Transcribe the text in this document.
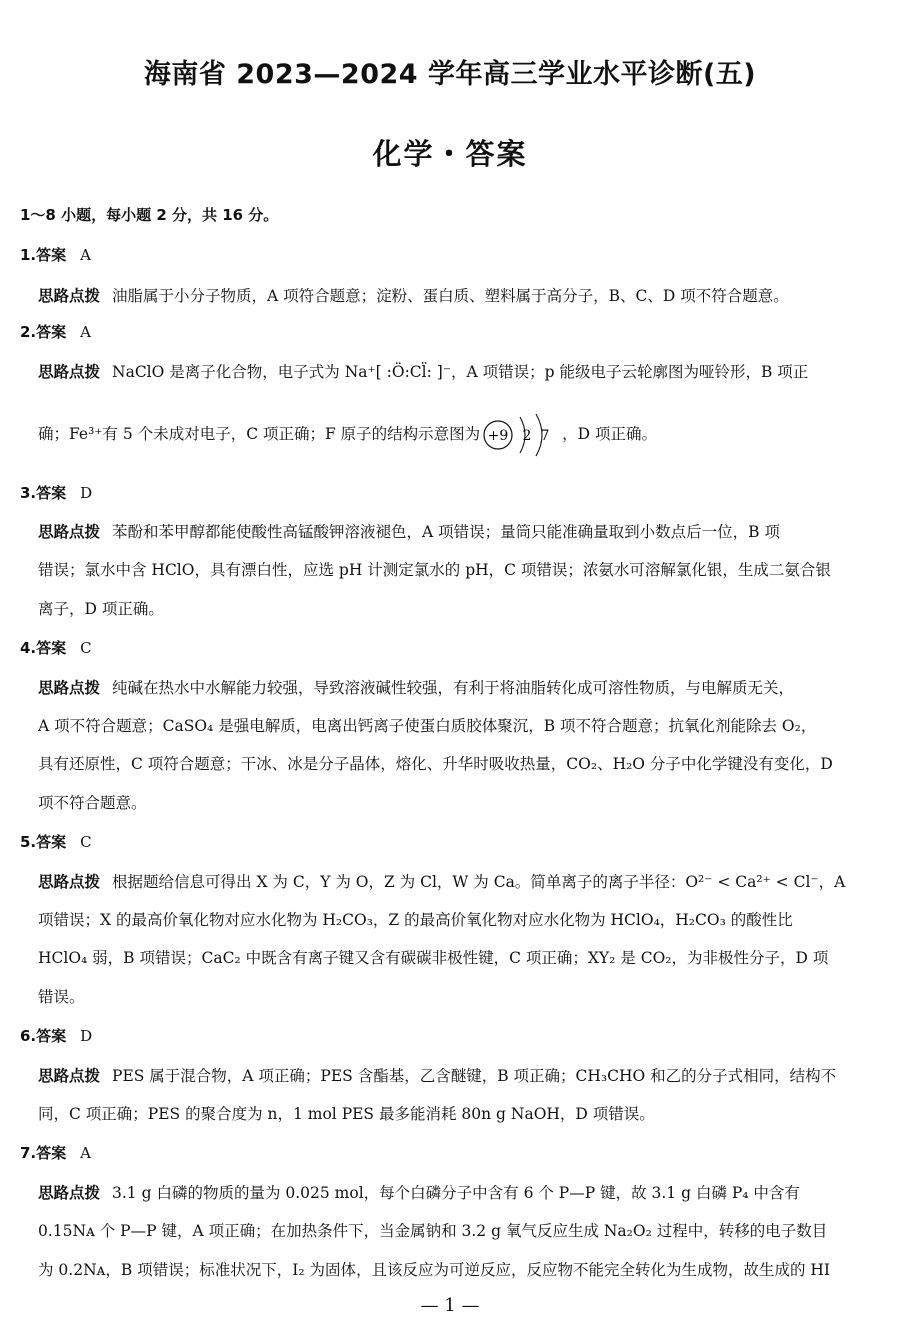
海南省 2023—2024 学年高三学业水平诊断(五)
化学・答案
1～8 小题，每小题 2 分，共 16 分。
1.答案 A
思路点拨 油脂属于小分子物质，A 项符合题意；淀粉、蛋白质、塑料属于高分子，B、C、D 项不符合题意。
2.答案 A
思路点拨 NaClO 是离子化合物，电子式为 Na⁺[ :Ö:Cl̈: ]⁻，A 项错误；p 能级电子云轮廓图为哑铃形，B 项正
确；Fe³⁺有 5 个未成对电子，C 项正确；F 原子的结构示意图为 +9 2 7 ，D 项正确。
3.答案 D
思路点拨 苯酚和苯甲醇都能使酸性高锰酸钾溶液褪色，A 项错误；量筒只能准确量取到小数点后一位，B 项
错误；氯水中含 HClO，具有漂白性，应选 pH 计测定氯水的 pH，C 项错误；浓氨水可溶解氯化银，生成二氨合银
离子，D 项正确。
4.答案 C
思路点拨 纯碱在热水中水解能力较强，导致溶液碱性较强，有利于将油脂转化成可溶性物质，与电解质无关，
A 项不符合题意；CaSO₄ 是强电解质，电离出钙离子使蛋白质胶体聚沉，B 项不符合题意；抗氧化剂能除去 O₂，
具有还原性，C 项符合题意；干冰、冰是分子晶体，熔化、升华时吸收热量，CO₂、H₂O 分子中化学键没有变化，D
项不符合题意。
5.答案 C
思路点拨 根据题给信息可得出 X 为 C，Y 为 O，Z 为 Cl，W 为 Ca。简单离子的离子半径：O²⁻ < Ca²⁺ < Cl⁻，A
项错误；X 的最高价氧化物对应水化物为 H₂CO₃，Z 的最高价氧化物对应水化物为 HClO₄，H₂CO₃ 的酸性比
HClO₄ 弱，B 项错误；CaC₂ 中既含有离子键又含有碳碳非极性键，C 项正确；XY₂ 是 CO₂，为非极性分子，D 项
错误。
6.答案 D
思路点拨 PES 属于混合物，A 项正确；PES 含酯基，乙含醚键，B 项正确；CH₃CHO 和乙的分子式相同，结构不
同，C 项正确；PES 的聚合度为 n，1 mol PES 最多能消耗 80n g NaOH，D 项错误。
7.答案 A
思路点拨 3.1 g 白磷的物质的量为 0.025 mol，每个白磷分子中含有 6 个 P—P 键，故 3.1 g 白磷 P₄ 中含有
0.15Nᴀ 个 P—P 键，A 项正确；在加热条件下，当金属钠和 3.2 g 氧气反应生成 Na₂O₂ 过程中，转移的电子数目
为 0.2Nᴀ，B 项错误；标准状况下，I₂ 为固体，且该反应为可逆反应，反应物不能完全转化为生成物，故生成的 HI
— 1 —
